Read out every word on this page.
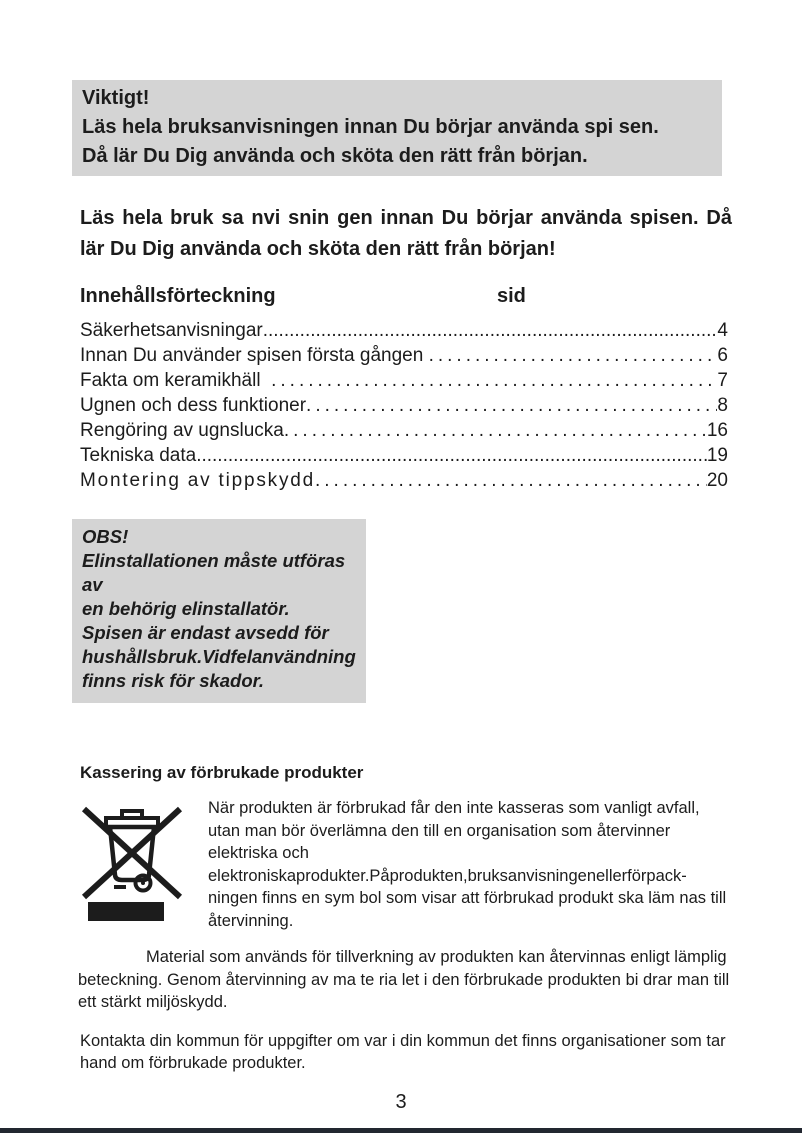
Viktigt!
Läs hela bruksanvisningen innan Du börjar använda spi sen.
Då lär Du Dig använda och sköta den rätt från början.

Läs hela bruk sa nvi snin gen innan Du börjar använda spisen. Då lär Du Dig använda och sköta den rätt från början!

Innehållsförteckning	sid
Säkerhetsanvisningar .....	4
Innan Du använder spisen första gången .....	6
Fakta om keramikhäll .....	7
Ugnen och dess funktioner .....	8
Rengöring av ugnslucka .....	16
Tekniska data .....	19
Montering av tippskydd .....	20
OBS!
Elinstallationen måste utföras av
en behörig elinstallatör.
Spisen är endast avsedd för
hushållsbruk.Vidfelanvändning
finns risk för skador.
Kassering av förbrukade produkter

När produkten är förbrukad får den inte kasseras som vanligt avfall, utan man bör överlämna den till en organisation som återvinner elektriska och elektroniskaprodukter.Påprodukten,bruksanvisningenellerförpack-ningen finns en sym bol som visar att förbrukad produkt ska läm nas till återvinning.

Material som används för tillverkning av produkten kan återvinnas enligt lämplig beteckning. Genom återvinning av ma te ria let i den förbrukade produkten bi drar man till ett stärkt miljöskydd.

Kontakta din kommun för uppgifter om var i din kommun det finns organisationer som tar hand om förbrukade produkter.

3
